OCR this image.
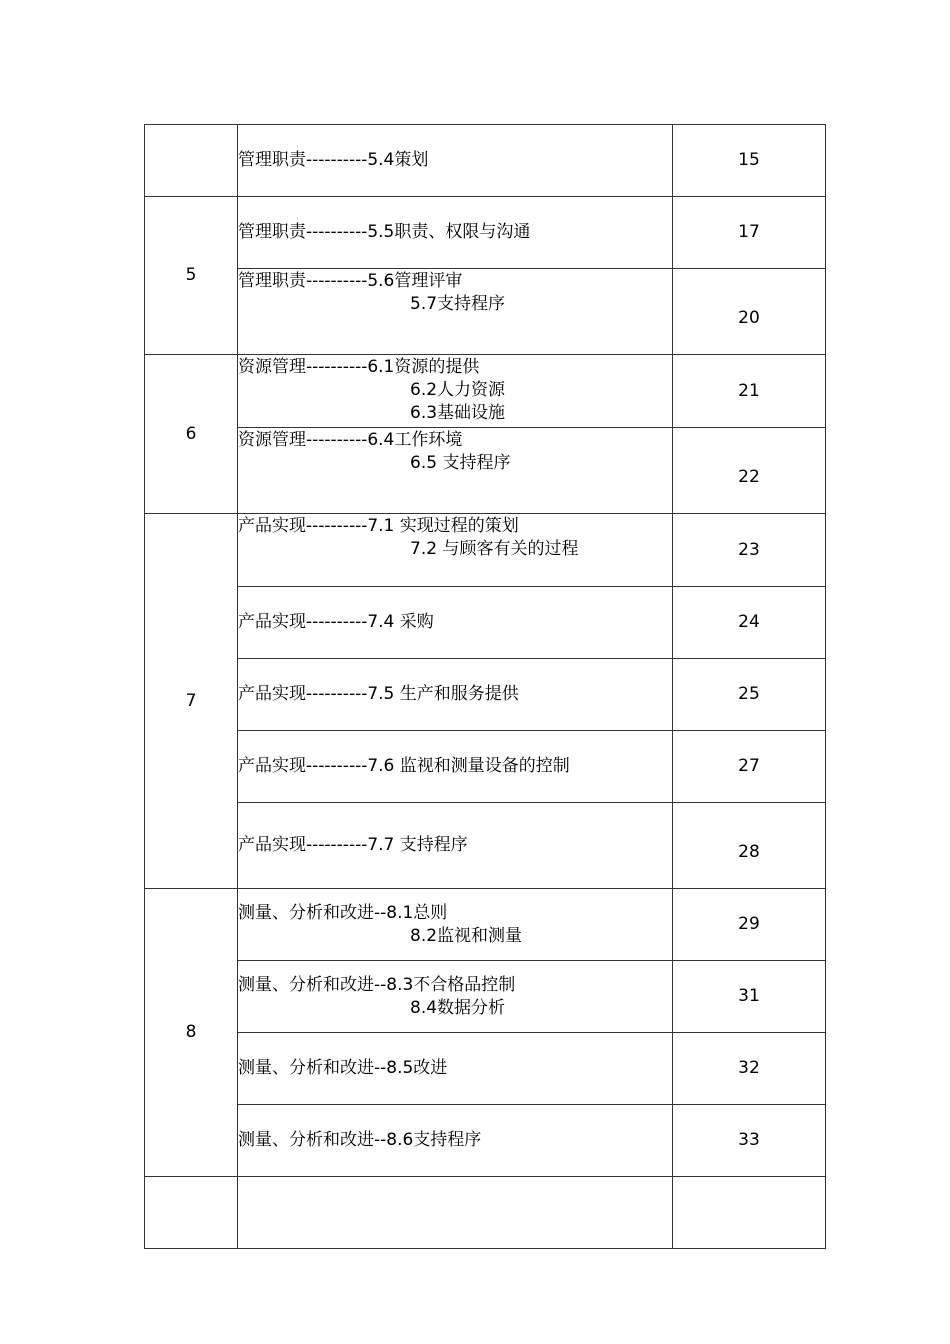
	管理职责----------5.4策划	15
5	管理职责----------5.5职责、权限与沟通	17

	管理职责----------5.6管理评审
5.7支持程序	20
6	资源管理----------6.1资源的提供
6.2人力资源
6.3基础设施	21

	资源管理----------6.4工作环境
6.5 支持程序	22
7	产品实现----------7.1 实现过程的策划
7.2 与顾客有关的过程	23

	产品实现----------7.4 采购	24

	产品实现----------7.5 生产和服务提供	25

	产品实现----------7.6 监视和测量设备的控制	27

	产品实现----------7.7 支持程序	28
8	测量、分析和改进--8.1总则
8.2监视和测量	29

	测量、分析和改进--8.3不合格品控制
8.4数据分析	31

	测量、分析和改进--8.5改进	32

	测量、分析和改进--8.6支持程序	33
